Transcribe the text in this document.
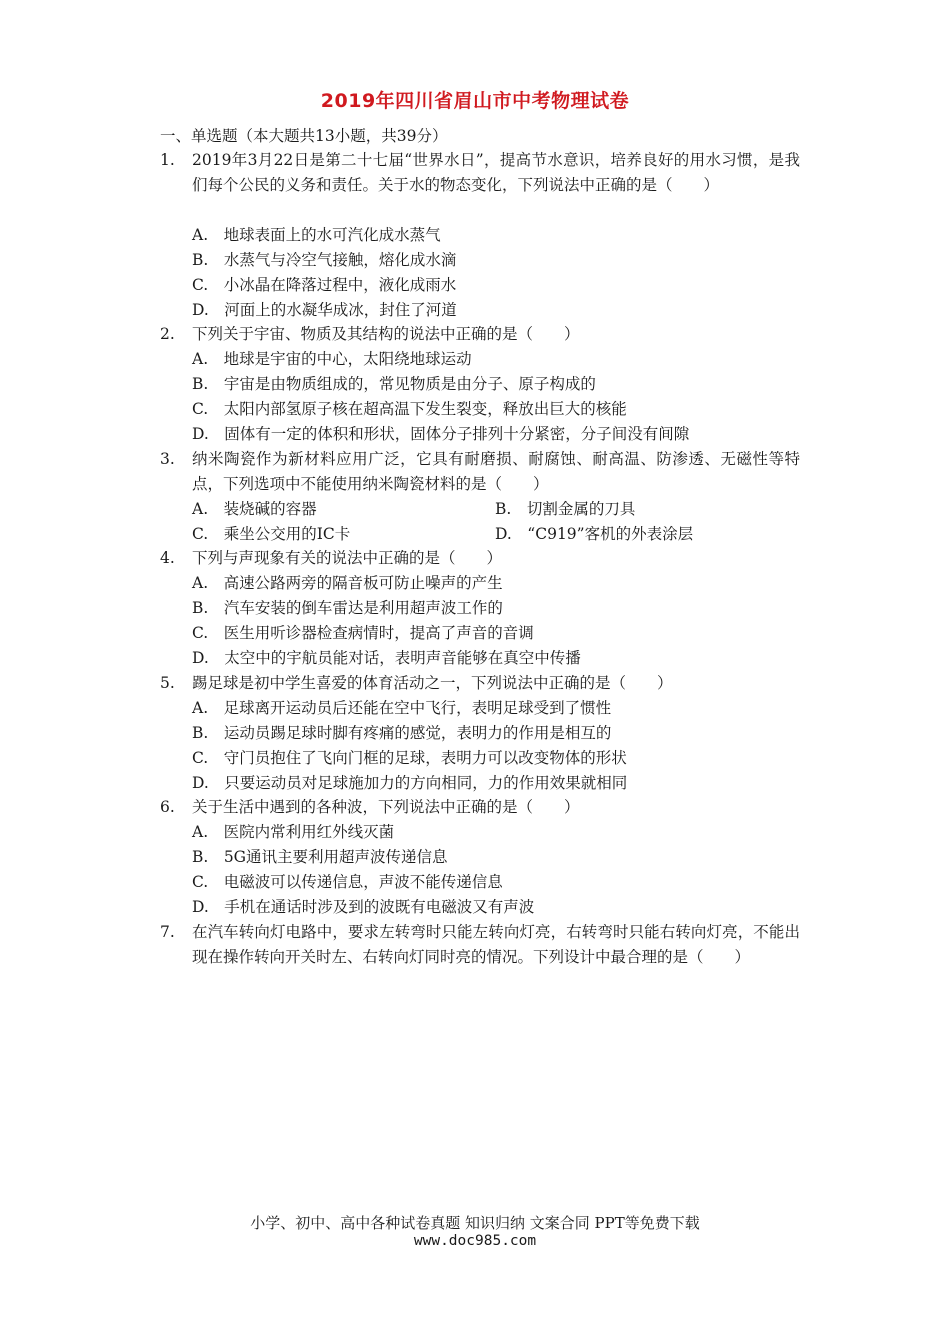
2019年四川省眉山市中考物理试卷
一、单选题（本大题共13小题，共39分）
1. 2019年3月22日是第二十七届“世界水日”，提高节水意识，培养良好的用水习惯，是我们每个公民的义务和责任。关于水的物态变化，下列说法中正确的是（　　）
A.　地球表面上的水可汽化成水蒸气
B.　水蒸气与冷空气接触，熔化成水滴
C.　小冰晶在降落过程中，液化成雨水
D.　河面上的水凝华成冰，封住了河道
2. 下列关于宇宙、物质及其结构的说法中正确的是（　　）
A.　地球是宇宙的中心，太阳绕地球运动
B.　宇宙是由物质组成的，常见物质是由分子、原子构成的
C.　太阳内部氢原子核在超高温下发生裂变，释放出巨大的核能
D.　固体有一定的体积和形状，固体分子排列十分紧密，分子间没有间隙
3. 纳米陶瓷作为新材料应用广泛，它具有耐磨损、耐腐蚀、耐高温、防渗透、无磁性等特点，下列选项中不能使用纳米陶瓷材料的是（　　）
A.　装烧碱的容器	B.　切割金属的刀具
C.　乘坐公交用的IC卡	D.　“C919”客机的外表涂层
4. 下列与声现象有关的说法中正确的是（　　）
A.　高速公路两旁的隔音板可防止噪声的产生
B.　汽车安装的倒车雷达是利用超声波工作的
C.　医生用听诊器检查病情时，提高了声音的音调
D.　太空中的宇航员能对话，表明声音能够在真空中传播
5. 踢足球是初中学生喜爱的体育活动之一，下列说法中正确的是（　　）
A.　足球离开运动员后还能在空中飞行，表明足球受到了惯性
B.　运动员踢足球时脚有疼痛的感觉，表明力的作用是相互的
C.　守门员抱住了飞向门框的足球，表明力可以改变物体的形状
D.　只要运动员对足球施加力的方向相同，力的作用效果就相同
6. 关于生活中遇到的各种波，下列说法中正确的是（　　）
A.　医院内常利用红外线灭菌
B.　5G通讯主要利用超声波传递信息
C.　电磁波可以传递信息，声波不能传递信息
D.　手机在通话时涉及到的波既有电磁波又有声波
7. 在汽车转向灯电路中，要求左转弯时只能左转向灯亮，右转弯时只能右转向灯亮，不能出现在操作转向开关时左、右转向灯同时亮的情况。下列设计中最合理的是（　　）
小学、初中、高中各种试卷真题 知识归纳 文案合同 PPT等免费下载
www.doc985.com
